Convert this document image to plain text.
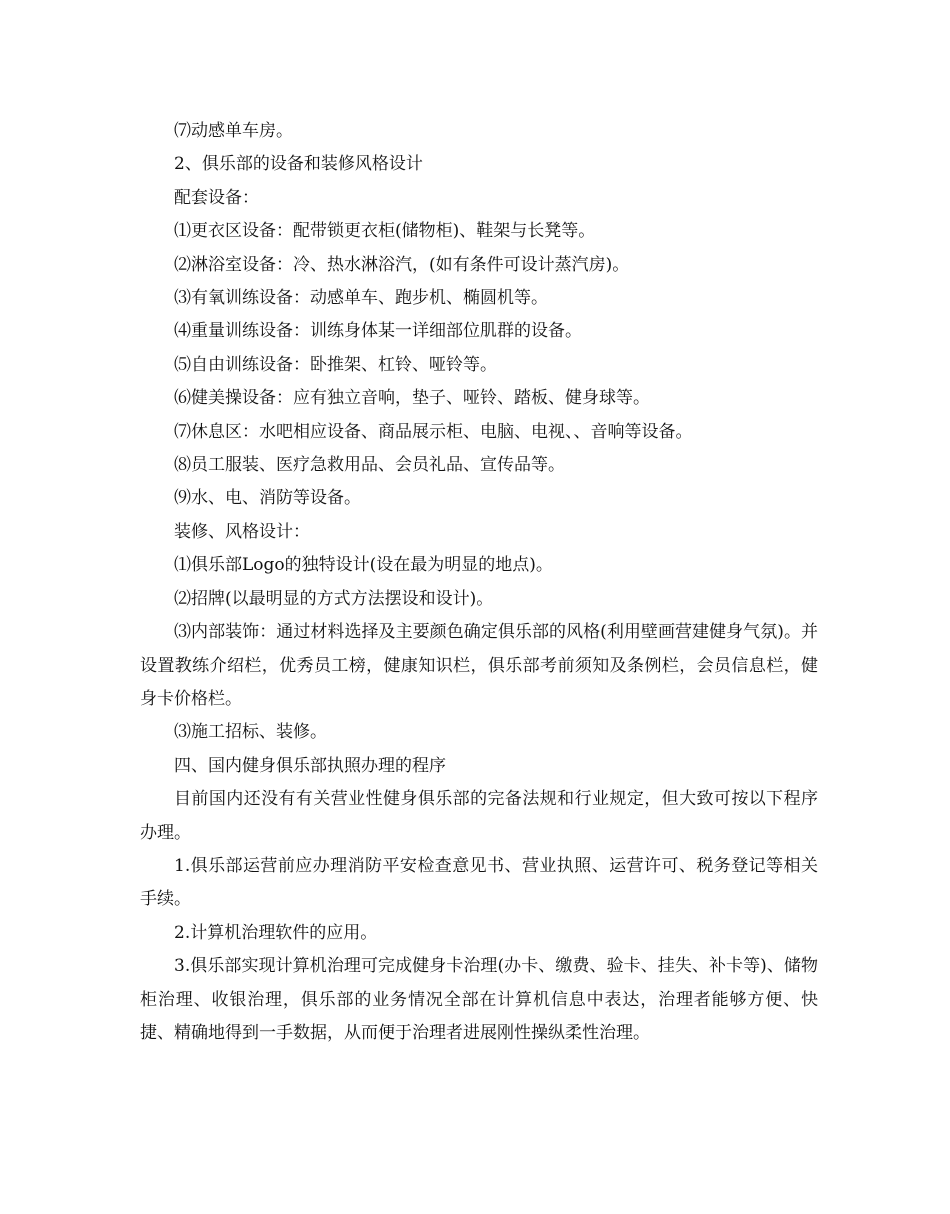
⑺动感单车房。

2、俱乐部的设备和装修风格设计

配套设备：

⑴更衣区设备：配带锁更衣柜(储物柜)、鞋架与长凳等。

⑵淋浴室设备：冷、热水淋浴汽，(如有条件可设计蒸汽房)。

⑶有氧训练设备：动感单车、跑步机、椭圆机等。

⑷重量训练设备：训练身体某一详细部位肌群的设备。

⑸自由训练设备：卧推架、杠铃、哑铃等。

⑹健美操设备：应有独立音响，垫子、哑铃、踏板、健身球等。

⑺休息区：水吧相应设备、商品展示柜、电脑、电视、、音响等设备。

⑻员工服装、医疗急救用品、会员礼品、宣传品等。

⑼水、电、消防等设备。

装修、风格设计：

⑴俱乐部Logo的独特设计(设在最为明显的地点)。

⑵招牌(以最明显的方式方法摆设和设计)。

⑶内部装饰：通过材料选择及主要颜色确定俱乐部的风格(利用壁画营建健身气氛)。并设置教练介绍栏，优秀员工榜，健康知识栏，俱乐部考前须知及条例栏，会员信息栏，健身卡价格栏。

⑶施工招标、装修。

四、国内健身俱乐部执照办理的程序

目前国内还没有有关营业性健身俱乐部的完备法规和行业规定，但大致可按以下程序办理。

1.俱乐部运营前应办理消防平安检查意见书、营业执照、运营许可、税务登记等相关手续。

2.计算机治理软件的应用。

3.俱乐部实现计算机治理可完成健身卡治理(办卡、缴费、验卡、挂失、补卡等)、储物柜治理、收银治理，俱乐部的业务情况全部在计算机信息中表达，治理者能够方便、快捷、精确地得到一手数据，从而便于治理者进展刚性操纵柔性治理。
